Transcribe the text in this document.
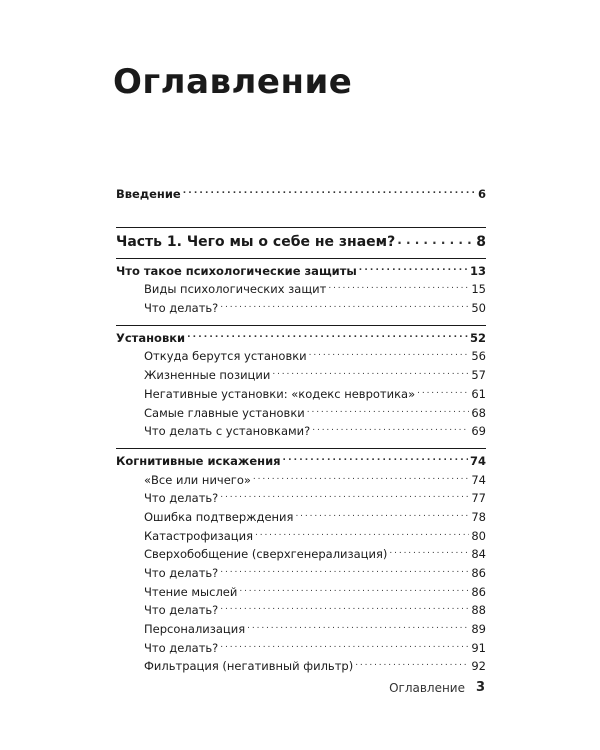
Оглавление
Введение . . .	6
Часть 1. Чего мы о себе не знаем? . . .	8
Что такое психологические защиты . . .	13
Виды психологических защит . . .	15
Что делать? . . .	50
Установки . . .	52
Откуда берутся установки . . .	56
Жизненные позиции . . .	57
Негативные установки: «кодекс невротика» . . .	61
Самые главные установки . . .	68
Что делать с установками? . . .	69
Когнитивные искажения . . .	74
«Все или ничего» . . .	74
Что делать? . . .	77
Ошибка подтверждения . . .	78
Катастрофизация . . .	80
Сверхобобщение (сверхгенерализация) . . .	84
Что делать? . . .	86
Чтение мыслей . . .	86
Что делать? . . .	88
Персонализация . . .	89
Что делать? . . .	91
Фильтрация (негативный фильтр) . . .	92
Оглавление 3
